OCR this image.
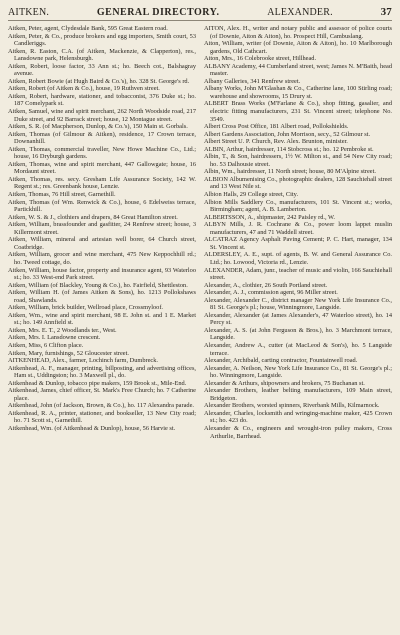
AITKEN.	GENERAL DIRECTORY.	ALEXANDER.	37

Aitken, Peter, agent, Clydesdale Bank, 595 Great Eastern road.

Aitken, Peter, & Co., produce brokers and egg importers, Smith court, 53 Candleriggs.

Aitken, R. Easton, C.A. (of Aitken, Mackenzie, & Clapperton), res., Lansdowne park, Helensburgh.

Aitken, Robert, loose factor, 33 Ann st.; ho. Beech cot., Balshagray avenue.

Aitken, Robert Bowie (at Hugh Baird & Co.'s), ho. 328 St. George's rd.

Aitken, Robert (of Aitken & Co.), house, 19 Ruthven street.

Aitken, Robert, hardware, stationer, and tobacconist, 376 Duke st.; ho. 187 Comelypark st.

Aitken, Samuel, wine and spirit merchant, 262 North Woodside road, 217 Duke street, and 92 Barrack street; house, 12 Montague street.

Aitken, S. R. (of Macpherson, Dunlop, & Co.'s), 150 Main st. Gorbals.

Aitken, Thomas (of Gilmour & Aitken), residence, 17 Crown terrace, Downanhill.

Aitken, Thomas, commercial traveller, New Howe Machine Co., Ltd.; house, 16 Dryburgh gardens.

Aitken, Thomas, wine and spirit merchant, 447 Gallowgate; house, 16 Mordaunt street.

Aitken, Thomas, res. secy. Gresham Life Assurance Society, 142 W. Regent st.; res. Greenbank house, Lenzie.

Aitken, Thomas, 76 Hill street, Garnethill.

Aitken, Thomas (of Wm. Renwick & Co.), house, 6 Edelweiss terrace, Partickhill.

Aitken, W. S. & J., clothiers and drapers, 84 Great Hamilton street.

Aitken, William, brassfounder and gasfitter, 24 Renfrew street; house, 3 Killermont street.

Aitken, William, mineral and artesian well borer, 64 Church street, Coatbridge.

Aitken, William, grocer and wine merchant, 475 New Keppochhill rd.; ho. Tweed cottage, do.

Aitken, William, house factor, property and insurance agent, 93 Waterloo st.; ho. 33 West-end Park street.

Aitken, William (of Blackley, Young & Co.), ho. Fairfield, Shettleston.

Aitken, William H. (of James Aitken & Sons), ho. 1213 Pollokshaws road, Shawlands.

Aitken, William, brick builder, Wellroad place, Crossmyloof.

Aitken, Wm., wine and spirit merchant, 98 E. John st. and 1 E. Market st.; ho. 149 Annfield st.

Aitken, Mrs. E. T., 2 Woodlands ter., West.

Aitken, Mrs. I. Lansdowne crescent.

Aitken, Miss, 6 Clifton place.

Aitken, Mary, furnishings, 52 Gloucester street.

AITKENHEAD, Alex., farmer, Lochinch farm, Dumbreck.

Aitkenhead, A. F., manager, printing, billposting, and advertising offices, Ham st., Uddingston; ho. 3 Maxwell pl., do.

Aitkenhead & Dunlop, tobacco pipe makers, 159 Brook st., Mile-End.

Aitkenhead, James, chief officer, St. Mark's Free Church; ho. 7 Catherine place.

Aitkenhead, John (of Jackson, Brown, & Co.), ho. 117 Alexandra parade.

Aitkenhead, R. A., printer, stationer, and bookseller, 13 New City road; ho. 71 Scott st., Garnethill.

Aitkenhead, Wm. (of Aitkenhead & Dunlop), house, 56 Harvie st.

AITON, Alex. H., writer and notary public and assessor of police courts (of Downie, Aiton & Aiton), ho. Prospect Hill, Cambuslang.

Aiton, William, writer (of Downie, Aiton & Aiton), ho. 10 Marlborough gardens, Old Cathcart.

Aiton, Mrs., 16 Colebrooke street, Hillhead.

ALBANY Academy, 44 Cumberland street, west; James N. M'Baith, head master.

Albany Galleries, 341 Renfrew street.

Albany Works, John M'Glashan & Co., Catherine lane, 100 Stirling road; warehouse and showrooms, 15 Drury st.

ALBERT Brass Works (M'Farlane & Co.), shop fitting, gasalier, and electric fitting manufacturers, 231 St. Vincent street; telephone No. 3549.

Albert Cross Post Office, 181 Albert road, Pollokshields.

Albert Gardens Association, John Morrison, secy., 52 Gilmour st.

Albert Street U. P. Church, Rev. Alex. Brunton, minister.

ALBIN, Arthur, hairdresser, 114 Stobcross st.; ho. 12 Pembroke st.

Albin, T., & Son, hairdressers, 1½ W. Milton st., and 54 New City road; ho. 53 Dalhousie street.

Albin, Wm., hairdresser, 11 North street; house, 80 M'Alpine street.

ALBION Albumenising Co., photographic dealers, 128 Sauchiehall street and 13 West Nile st.

Albion Halls, 29 College street, City.

Albion Mills Saddlery Co., manufacturers, 101 St. Vincent st.; works, Birmingham; agent, A. B. Lamberton.

ALBERTSSON, A., shipmaster, 242 Paisley rd., W.

ALBYN Mills, J. R. Cochrane & Co., power loom lappet muslin manufacturers, 47 and 71 Waddell street.

ALCATRAZ Agency Asphalt Paving Cement; P. C. Hart, manager, 134 St. Vincent st.

ALDERSLEY, A. E., supt. of agents, B. W. and General Assurance Co. Ltd.; ho. Lowood, Victoria rd., Lenzie.

ALEXANDER, Adam, junr., teacher of music and violin, 166 Sauchiehall street.

Alexander, A., clothier, 26 South Portland street.

Alexander, A. J., commission agent, 96 Miller street.

Alexander, Alexander C., district manager New York Life Insurance Co., 81 St. George's pl.; house, Winningmore, Langside.

Alexander, Alexander (at James Alexander's, 47 Waterloo street), ho. 14 Percy st.

Alexander, A. S. (at John Ferguson & Bros.), ho. 3 Marchmont terrace, Langside.

Alexander, Andrew A., cutter (at MacLeod & Son's), ho. 5 Langside terrace.

Alexander, Archibald, carting contractor, Fountainwell road.

Alexander, A. Neilson, New York Life Insurance Co., 81 St. George's pl.; ho. Winningmore, Langside.

Alexander & Arthurs, shipowners and brokers, 75 Buchanan st.

Alexander Brothers, leather belting manufacturers, 109 Main street, Bridgeton.

Alexander Brothers, worsted spinners, Riverbank Mills, Kilmarnock.

Alexander, Charles, locksmith and wringing-machine maker, 425 Crown st.; ho. 423 do.

Alexander & Co., engineers and wrought-iron pulley makers, Cross Arthurlie, Barrhead.
